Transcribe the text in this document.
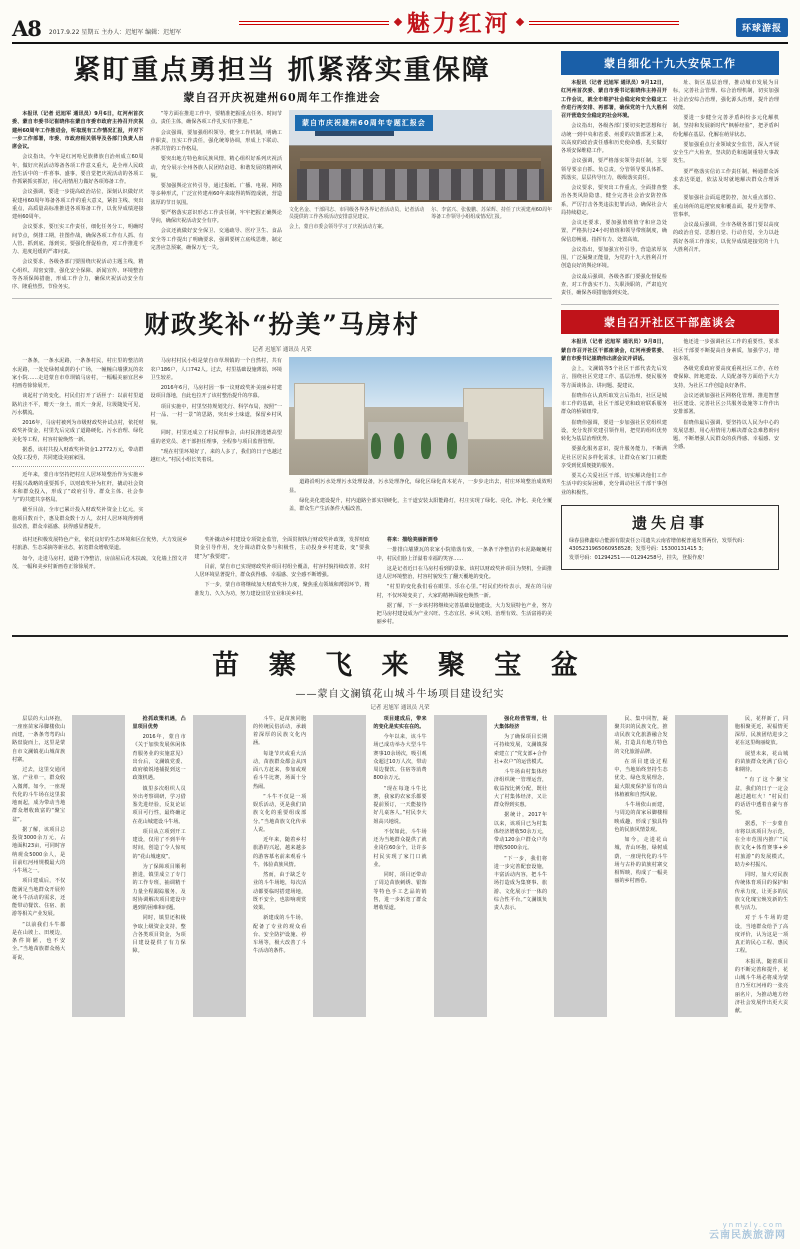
A8 2017.9.22 星期五 主办人：迟旭军 编辑：迟旭军	魅力红河	环球游报
紧盯重点勇担当 抓紧落实重保障
蒙自召开庆祝建州60周年工作推进会

本报讯（记者 迟旭军 通讯员）9月6日，红河州首次委、蒙自市委书记崔晓伟在蒙自市委市政府主持召开庆祝建州60周年工作推进会，听取现有工作情况汇报，并对下一步工作部署，市委、市政府相关领导及各部门负责人出席会议。

会议指出，今年是红河哈尼族彝族自治州成立60周年，做好庆祝活动筹备各项工作意义重大，是全州人民政治生活中的一件喜事、盛事，要自觉把庆祝活动的各项工作抓紧抓实抓好，用心用情用力做好各项筹备工作。

会议强调，要进一步提高政治站位，深刻认识做好庆祝建州60周年筹备各项工作的重大意义，紧扣主线、突出重点，高质量高标准推进各项筹备工作，以优异成绩迎接建州60周年。

会议要求，要压实工作责任，细化任务分工，明确时间节点，倒排工期，挂图作战，确保各项工作有人抓、有人管、抓到底、落到实。要强化督促检查，对工作推进不力、进度迟缓的严肃问责。

会议要求，各级各部门要围绕庆祝活动主题主线，精心组织、周密安排，强化安全保障、新闻宣传、环境整治等各项保障措施，形成工作合力，确保庆祝活动安全有序、隆重热烈、节俭务实。

“等方面在推进工作中，要精准把握重点任务、时间节点、责任主体，确保各项工作扎实有序推进。”

会议强调，要加强组织领导，健全工作机制，明确工作职责，压实工作责任，强化统筹协调，形成上下联动、齐抓共管的工作格局。

要突出地方特色和民族风情，精心组织好系列庆祝活动，充分展示全州各族人民团结奋进、和谐发展的精神风貌。

要加强舆论宣传引导，通过报纸、广播、电视、网络等多种形式，广泛宣传建州60年来取得的辉煌成就，营造浓厚的节日氛围。

要严格落实意识形态工作责任制，牢牢把握正确舆论导向，确保庆祝活动安全有序。

会议还就做好安全保卫、交通疏导、医疗卫生、食品安全等工作提出了明确要求，强调要树立底线思维，制定完善应急预案，确保万无一失。

蒙自市庆祝建州60周年专题汇报会
文化名金、干部同志、市同级各界各界记者活动员，记者活动员提供的工作各项活动安排意见建议。
尔、李富兴、张俊鹏、苏荣辉、持任了庆祝建州60周年筹备工作领导小组组成情况汇报。
会上，蒙自市委会领导学习了庆祝活动方案。
财政奖补“扮美”马房村
记者 迟旭军 通讯员 凡荣

一条条，一条水泥路，一条条村民，村庄里的整洁的水泥路，一处处绿树成荫的小广场，一幢幢白墙黛瓦的农家小院……走进蒙自市草坝镇马房村，一幅幅美丽宜居乡村画卷徐徐展开。

谈起村子的变化，村民们打开了话匣子：以前村里道路坑洼不平，晴天一身土，雨天一身泥，垃圾随处可见，污水横流。

2016年，马房村被列为市级财政奖补试点村，依托财政奖补资金，村里先后完成了道路硬化、污水治理、绿化美化等工程，村容村貌焕然一新。

据悉，该村共投入财政奖补资金1.2772万元，带动群众投工投劳，共同建设美丽家园。

近年来，蒙自市坚持把村庄人居环境整治作为实施乡村振兴战略的重要抓手，以财政奖补为杠杆，撬动社会资本和群众投入，形成了“政府引导、群众主体、社会参与”的共建共享格局。

截至目前，全市已累计投入财政奖补资金上亿元，实施项目数百个，惠及群众数十万人，农村人居环境得到明显改善，群众幸福感、获得感显著提升。

马房村村民小组是蒙自市草坝镇的一个自然村，共有农户186户，人口742人。过去，村里基础设施薄弱，环境卫生较差。

2016年6月，马房村因一事一议财政奖补美丽乡村建设项目落地，自此也拉开了该村整治提升的序幕。

项目实施中，村里坚持规划先行、科学布局，按照“一村一品、一村一景”的思路，突出乡土味道，保留乡村风貌。

同时，村里还成立了村民理事会，由村民推选德高望重的老党员、老干部担任理事，全程参与项目监督管理。

“现在村里环境好了，来的人多了，我们的日子也越过越红火。”村民小组长笑着说。

道路沿明污水处理污水处理设备，污水处理净化，绿化区绿化苗木花卉，一步步走出去，村庄环境整治成效明显。

绿化美化建设提升，村内道路全部实现硬化，主干道安装太阳能路灯，村庄实现了绿化、亮化、净化、美化全覆盖，群众生产生活条件大幅改善。

该村还积极发展特色产业，依托良好的生态环境和区位优势，大力发展乡村旅游、生态采摘等新业态，拓宽群众增收渠道。

如今，走进马房村，道路干净整洁，房前屋后花木扶疏，文化墙上图文并茂，一幅和美乡村新画卷正徐徐展开。

奖补撬动乡村建设专项资金监管，全面贯彻执行财政奖补政策，发挥财政资金引导作用，充分调动群众参与积极性，主动投身乡村建设，变“要我建”为“我要建”。

目前，蒙自市已实现财政奖补项目村组全覆盖，村容村貌持续改善，农村人居环境显著提升，群众获得感、幸福感、安全感不断增强。

下一步，蒙自市将继续加大财政奖补力度，聚焦重点领域和薄弱环节，精准发力、久久为功，努力建设宜居宜业和美乡村。

将来：描绘美丽新画卷

一排排白墙黛瓦的农家小院错落有致，一条条干净整洁的水泥路蜿蜒村中，村民们脸上洋溢着幸福的笑容……

这是记者近日在马房村看到的景象。该村以财政奖补项目为契机，全面推进人居环境整治，村容村貌发生了翻天覆地的变化。

“村里的变化我们看在眼里、乐在心里。”村民们纷纷表示，现在的马房村，不仅环境变美了，大家的精神面貌也焕然一新。

据了解，下一步该村将继续完善基础设施建设，大力发展特色产业，努力把马房村建设成为产业兴旺、生态宜居、乡风文明、治理有效、生活富裕的美丽乡村。

蒙自细化十九大安保工作

本报讯（记者 迟旭军 通讯员）9月12日，红河州首次委、蒙自市委书记崔晓伟主持召开工作会议，就全市维护社会稳定和安全稳定工作进行再安排、再部署，确保党的十九大胜利召开营造安全稳定的社会环境。

会议指出，各级各部门要切实把思想和行动统一到中央和省委、州委的决策部署上来，以高度的政治责任感和历史使命感，扎实做好各项安保维稳工作。

会议强调，要严格落实领导责任制，主要领导要亲自抓、负总责，分管领导要具体抓、抓落实，层层传导压力，级级落实责任。

会议要求，要突出工作重点，全面排查整治各类风险隐患，健全完善社会治安防控体系，严厉打击各类违法犯罪活动，确保社会大局持续稳定。

会议还要求，要加强值班值守和应急处置，严格执行24小时值班和领导带班制度，确保信息畅通、指挥有力、处置高效。

会议指出，要加强宣传引导，营造浓厚氛围，广泛凝聚正能量，为党的十九大胜利召开创造良好的舆论环境。

会议最后强调，各级各部门要强化督促检查，对工作落实不力、失职渎职的，严肃追究责任，确保各项措施落到实处。

址、街区基层治理，推动城市发展为目标，完善社会管理、综合治理机制，切实加强社会治安综合治理，强化源头治理，提升治理效能。

要进一步健全完善矛盾纠纷多元化解机制，坚持和发展新时代“枫桥经验”，把矛盾纠纷化解在基层、化解在萌芽状态。

要加强重点行业领域安全监管，深入开展安全生产大检查，坚决防范和遏制重特大事故发生。

要严格落实信访工作责任制，畅通群众诉求表达渠道，依法及时就地解决群众合理诉求。

要加强社会面巡逻防控，加大重点部位、重点场所的巡逻密度和覆盖面，提升见警率、管事率。

会议最后强调，全市各级各部门要以高度的政治自觉、思想自觉、行动自觉，全力以赴抓好各项工作落实，以优异成绩迎接党的十九大胜利召开。

蒙自召开社区干部座谈会

本报讯（记者 迟旭军 通讯员）9月8日，蒙自市召开社区干部座谈会，红河州委常委、蒙自市委书记崔晓伟出席会议并讲话。

会上，文澜镇等5个社区干部代表先后发言，围绕社区党建工作、基层治理、便民服务等方面谈体会、讲问题、提建议。

崔晓伟在认真听取发言后指出，社区是城市工作的基础，社区干部是党和政府联系服务群众的桥梁纽带。

崔晓伟强调，要进一步加强社区党组织建设，充分发挥党建引领作用，把党的组织优势转化为基层治理优势。

要强化服务意识，提升服务能力，不断满足社区居民多样化需求，让群众在家门口就能享受到优质便捷的服务。

要关心关爱社区干部，切实解决他们工作生活中的实际困难，充分调动社区干部干事创业的积极性。

他还进一步强调社区工作的重要性，要求社区干部要不断提高自身素质，加强学习，增强本领。

各级党委政府要高度重视社区工作，在经费保障、阵地建设、人员配备等方面给予大力支持，为社区工作创造良好条件。

会议还就加强社区网格化管理、推进智慧社区建设、完善社区公共服务设施等工作作出安排部署。

崔晓伟最后强调，要坚持以人民为中心的发展思想，用心用情用力解决群众急难愁盼问题，不断增强人民群众的获得感、幸福感、安全感。

遗失启事
绿春县彝鑫综合能源有限责任公司遗失云南省增值税普通发票两份，发票代码：
4305231965060958528；发票号码：15300131415 3；
发票号码：01294251——01294258号，挂失，登报作废！
苗 寨 飞 来 聚 宝 盆
——蒙自文澜镇花山城斗牛场项目建设纪实
记者 迟旭军 通讯员 凡荣

层层的大山环抱，一座座苗家吊脚楼依山而建，一条条弯弯的山路盘旋而上，这里是蒙自市文澜镇花山城苗族村寨。

过去，这里交通闭塞，产业单一，群众收入微薄。如今，一座现代化的斗牛场在这里拔地而起，成为带动当地群众增收致富的“聚宝盆”。

据了解，该项目总投资3000余万元，占地面积23亩，可同时容纳观众5000余人，是目前红河州规模最大的斗牛场之一。

项目建成后，不仅能满足当地群众开展传统斗牛活动的需求，还能带动餐饮、住宿、旅游等相关产业发展。

“以前我们斗牛都是在山坡上、田埂边，条件简陋，也不安全。”当地苗族群众杨大哥说，

抢抓政策机遇，凸显项目优势

2016年，蒙自市《关于加快发展休闲体育服务业的实施意见》出台后，文澜镇党委、政府敏锐地捕捉到这一政策机遇。

镇里多次组织人员外出考察调研，学习借鉴先进经验，反复论证项目可行性，最终确定在花山城建设斗牛场。

项目从立项到开工建设，仅用了不到半年时间，创造了令人惊叹的“花山城速度”。

为了保障项目顺利推进，镇里成立了专门的工作专班，抽调精干力量全程跟踪服务，及时协调解决项目建设中遇到的困难和问题。

同时，镇里还积极争取上级资金支持，整合各类项目资金，为项目建设提供了有力保障。

斗牛，是苗族同胞的传统民俗活动，承载着深厚的民族文化内涵。

每逢节庆或重大活动，苗族群众都会从四面八方赶来，参加或观看斗牛比赛，场面十分热闹。

“斗牛不仅是一项娱乐活动，更是我们苗族文化的重要组成部分。”当地苗族文化传承人说。

近年来，随着乡村旅游的兴起，越来越多的游客慕名前来观看斗牛，体验苗族风情。

然而，由于缺乏专业的斗牛场地，每次活动都要临时搭建场地，既不安全，也影响观赏效果。

新建成的斗牛场，配备了专业的观众看台、安全防护设施、停车场等，极大改善了斗牛活动的条件。

项目建成后，带来的变化是实实在在的。

今年以来，该斗牛场已成功举办大型斗牛赛事10余场次，吸引观众超过10万人次，带动周边餐饮、住宿等消费800余万元。

“现在每逢斗牛比赛，我家的农家乐都要提前预订，一天能接待好几桌客人。”村民李大姐高兴地说。

不仅如此，斗牛场还为当地群众提供了就业岗位60余个，让许多村民实现了家门口就业。

同时，项目还带动了周边苗族刺绣、银饰等特色手工艺品的销售，进一步拓宽了群众增收渠道。

强化经营管理，壮大集体经济

为了确保项目长期可持续发展，文澜镇探索建立了“党支部+合作社+农户”的运营模式。

斗牛场由村集体经济组织统一管理运营，收益按比例分配，既壮大了村集体经济，又让群众得到实惠。

据统计，2017年以来，该项目已为村集体经济增收50余万元，带动120余户群众户均增收5000余元。

“下一步，我们将进一步完善配套设施，丰富活动内容，把斗牛场打造成为集赛事、旅游、文化展示于一体的综合性平台。”文澜镇负责人表示。

民、集中同智，凝聚共识的民族文化，推动民族文化旅游融合发展，打造具有地方特色的文化旅游品牌。

在项目建设过程中，当地始终坚持生态优先、绿色发展理念，最大限度保护原有的山体植被和自然风貌。

斗牛场依山而建，与周边的苗家吊脚楼相映成趣，形成了独具特色的民族风情景观。

如今，走进花山城，青山环抱，绿树成荫，一座现代化的斗牛场与古朴的苗族村寨交相辉映，构成了一幅美丽的乡村画卷。

民，花样新了，同胞相聚更近，祝福情更深厚，民族团结进步之花在这里绚丽绽放。

展望未来，花山城的苗族群众充满了信心和期待。

“有了这个聚宝盆，我们的日子一定会越过越红火！”村民们的话语中透着自豪与喜悦。

据悉，下一步蒙自市将以该项目为示范，在全市范围内推广“民族文化+体育赛事+乡村旅游”的发展模式，助力乡村振兴。

同时，加大对民族传统体育项目的保护和传承力度，让更多的民族文化瑰宝焕发新的生机与活力。

对于斗牛场的建设，当地群众给予了高度评价，认为这是一项真正的民心工程、惠民工程。

本报讯，随着项目的不断完善和提升，花山城斗牛场必将成为蒙自乃至红河州的一张亮丽名片，为推动地方经济社会发展作出更大贡献。

云南民族旅游网
ynmzly.com
